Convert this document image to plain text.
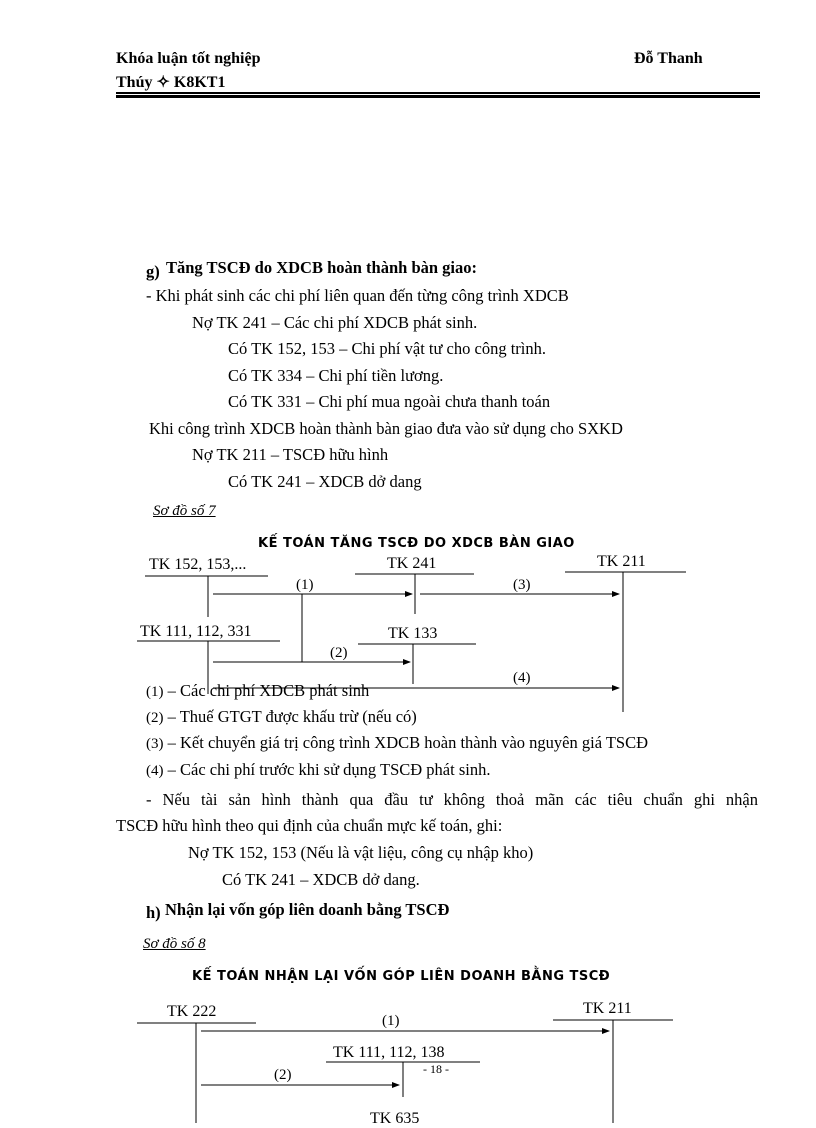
Khóa luận tốt nghiệp
Thúy ✧ K8KT1
Đỗ Thanh
g) Tăng TSCĐ do XDCB hoàn thành bàn giao:
- Khi phát sinh các chi phí liên quan đến từng công trình XDCB
Nợ TK 241 – Các chi phí XDCB phát sinh.
Có TK 152, 153 – Chi phí vật tư cho công trình.
Có TK 334 – Chi phí tiền lương.
Có TK 331 – Chi phí mua ngoài chưa thanh toán
Khi công trình XDCB hoàn thành bàn giao đưa vào sử dụng cho SXKD
Nợ TK 211 – TSCĐ hữu hình
Có TK 241 – XDCB dở dang
Sơ đồ số 7
KẾ TOÁN TĂNG TSCĐ DO XDCB BÀN GIAO
TK 152, 153,...	TK 241	TK 211
TK 111, 112, 331	TK 133
(1)	(3)
(2)
(4)
(1) – Các chi phí XDCB phát sinh
(2) – Thuế GTGT được khấu trừ (nếu có)
(3) – Kết chuyển giá trị công trình XDCB hoàn thành vào nguyên giá TSCĐ
(4) – Các chi phí trước khi sử dụng TSCĐ phát sinh.
- Nếu tài sản hình thành qua đầu tư không thoả mãn các tiêu chuẩn ghi nhận
TSCĐ hữu hình theo qui định của chuẩn mực kế toán, ghi:
Nợ TK 152, 153 (Nếu là vật liệu, công cụ nhập kho)
Có TK 241 – XDCB dở dang.
h) Nhận lại vốn góp liên doanh bằng TSCĐ
Sơ đồ số 8
KẾ TOÁN NHẬN LẠI VỐN GÓP LIÊN DOANH BẰNG TSCĐ
TK 222	TK 211
TK 111, 112, 138
TK 635
(1)
(2)	- 18 -
